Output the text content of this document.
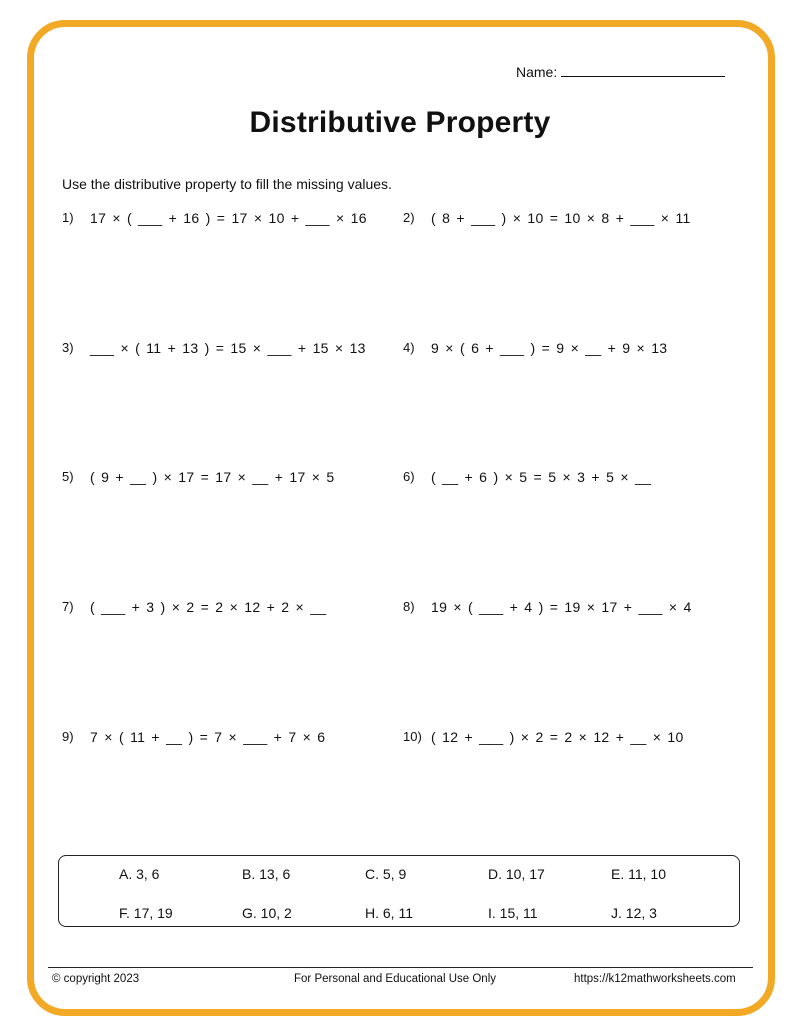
Name:
Distributive Property
Use the distributive property to fill the missing values.
1)	17 × ( ___ + 16 ) = 17 × 10 + ___ × 16	2)	( 8 + ___ ) × 10 = 10 × 8 + ___ × 11
3)	___ × ( 11 + 13 ) = 15 × ___ + 15 × 13	4)	9 × ( 6 + ___ ) = 9 × __ + 9 × 13
5)	( 9 + __ ) × 17 = 17 × __ + 17 × 5	6)	( __ + 6 ) × 5 = 5 × 3 + 5 × __
7)	( ___ + 3 ) × 2 = 2 × 12 + 2 × __	8)	19 × ( ___ + 4 ) = 19 × 17 + ___ × 4
9)	7 × ( 11 + __ ) = 7 × ___ + 7 × 6	10) ( 12 + ___ ) × 2 = 2 × 12 + __ × 10
A. 3, 6	B. 13, 6	C. 5, 9	D. 10, 17	E. 11, 10
F. 17, 19	G. 10, 2	H. 6, 11	I. 15, 11	J. 12, 3
© copyright 2023	For Personal and Educational Use Only	https://k12mathworksheets.com
